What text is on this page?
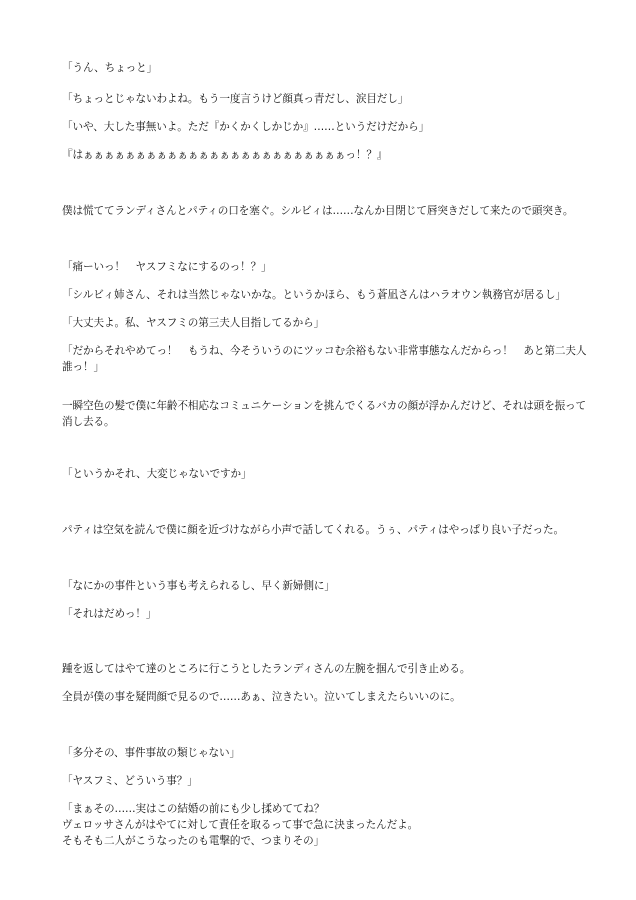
「うん、ちょっと」
「ちょっとじゃないわよね。もう一度言うけど顔真っ青だし、涙目だし」
「いや、大した事無いよ。ただ『かくかくしかじか』……というだけだから」
『はぁぁぁぁぁぁぁぁぁぁぁぁぁぁぁぁぁぁぁぁぁぁぁぁぁっ！？』
僕は慌ててランディさんとパティの口を塞ぐ。シルビィは……なんか目閉じて唇突きだして来たので頭突き。
「痛ーいっ！　ヤスフミなにするのっ！？」
「シルビィ姉さん、それは当然じゃないかな。というかほら、もう蒼凪さんはハラオウン執務官が居るし」
「大丈夫よ。私、ヤスフミの第三夫人目指してるから」
「だからそれやめてっ！　もうね、今そういうのにツッコむ余裕もない非常事態なんだからっ！　あと第二夫人誰っ！」
一瞬空色の髪で僕に年齢不相応なコミュニケーションを挑んでくるバカの顔が浮かんだけど、それは頭を振って消し去る。
「というかそれ、大変じゃないですか」
パティは空気を読んで僕に顔を近づけながら小声で話してくれる。うぅ、パティはやっぱり良い子だった。
「なにかの事件という事も考えられるし、早く新婦側に」
「それはだめっ！」
踵を返してはやて達のところに行こうとしたランディさんの左腕を掴んで引き止める。
全員が僕の事を疑問顔で見るので……あぁ、泣きたい。泣いてしまえたらいいのに。
「多分その、事件事故の類じゃない」
「ヤスフミ、どういう事？」
「まぁその……実はこの結婚の前にも少し揉めててね？
ヴェロッサさんがはやてに対して責任を取るって事で急に決まったんだよ。
そもそも二人がこうなったのも電撃的で、つまりその」
